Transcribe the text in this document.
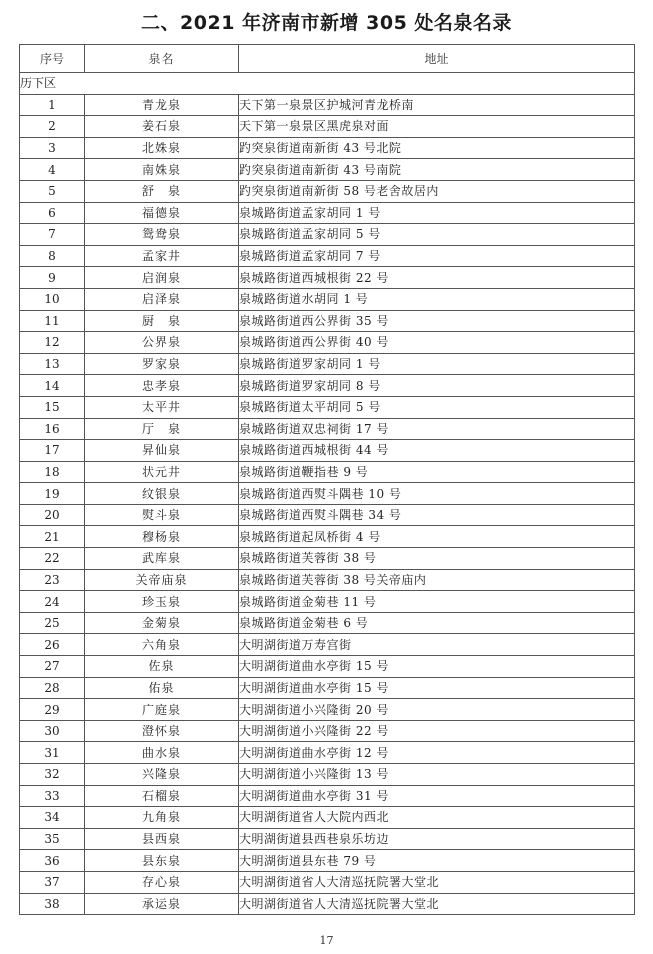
二、2021 年济南市新增 305 处名泉名录
序号	泉名	地址
历下区		
1	青龙泉	天下第一泉景区护城河青龙桥南
2	姜石泉	天下第一泉景区黑虎泉对面
3	北姝泉	趵突泉街道南新街 43 号北院
4	南姝泉	趵突泉街道南新街 43 号南院
5	舒　泉	趵突泉街道南新街 58 号老舍故居内
6	福德泉	泉城路街道孟家胡同 1 号
7	鸳鸯泉	泉城路街道孟家胡同 5 号
8	孟家井	泉城路街道孟家胡同 7 号
9	启润泉	泉城路街道西城根街 22 号
10	启泽泉	泉城路街道水胡同 1 号
11	厨　泉	泉城路街道西公界街 35 号
12	公界泉	泉城路街道西公界街 40 号
13	罗家泉	泉城路街道罗家胡同 1 号
14	忠孝泉	泉城路街道罗家胡同 8 号
15	太平井	泉城路街道太平胡同 5 号
16	厅　泉	泉城路街道双忠祠街 17 号
17	昇仙泉	泉城路街道西城根街 44 号
18	状元井	泉城路街道鞭指巷 9 号
19	纹银泉	泉城路街道西熨斗隅巷 10 号
20	熨斗泉	泉城路街道西熨斗隅巷 34 号
21	穆杨泉	泉城路街道起凤桥街 4 号
22	武库泉	泉城路街道芙蓉街 38 号
23	关帝庙泉	泉城路街道芙蓉街 38 号关帝庙内
24	珍玉泉	泉城路街道金菊巷 11 号
25	金菊泉	泉城路街道金菊巷 6 号
26	六角泉	大明湖街道万寿宫街
27	佐泉	大明湖街道曲水亭街 15 号
28	佑泉	大明湖街道曲水亭街 15 号
29	广庭泉	大明湖街道小兴隆街 20 号
30	澄怀泉	大明湖街道小兴隆街 22 号
31	曲水泉	大明湖街道曲水亭街 12 号
32	兴隆泉	大明湖街道小兴隆街 13 号
33	石榴泉	大明湖街道曲水亭街 31 号
34	九角泉	大明湖街道省人大院内西北
35	县西泉	大明湖街道县西巷泉乐坊边
36	县东泉	大明湖街道县东巷 79 号
37	存心泉	大明湖街道省人大清巡抚院署大堂北
38	承运泉	大明湖街道省人大清巡抚院署大堂北
17
